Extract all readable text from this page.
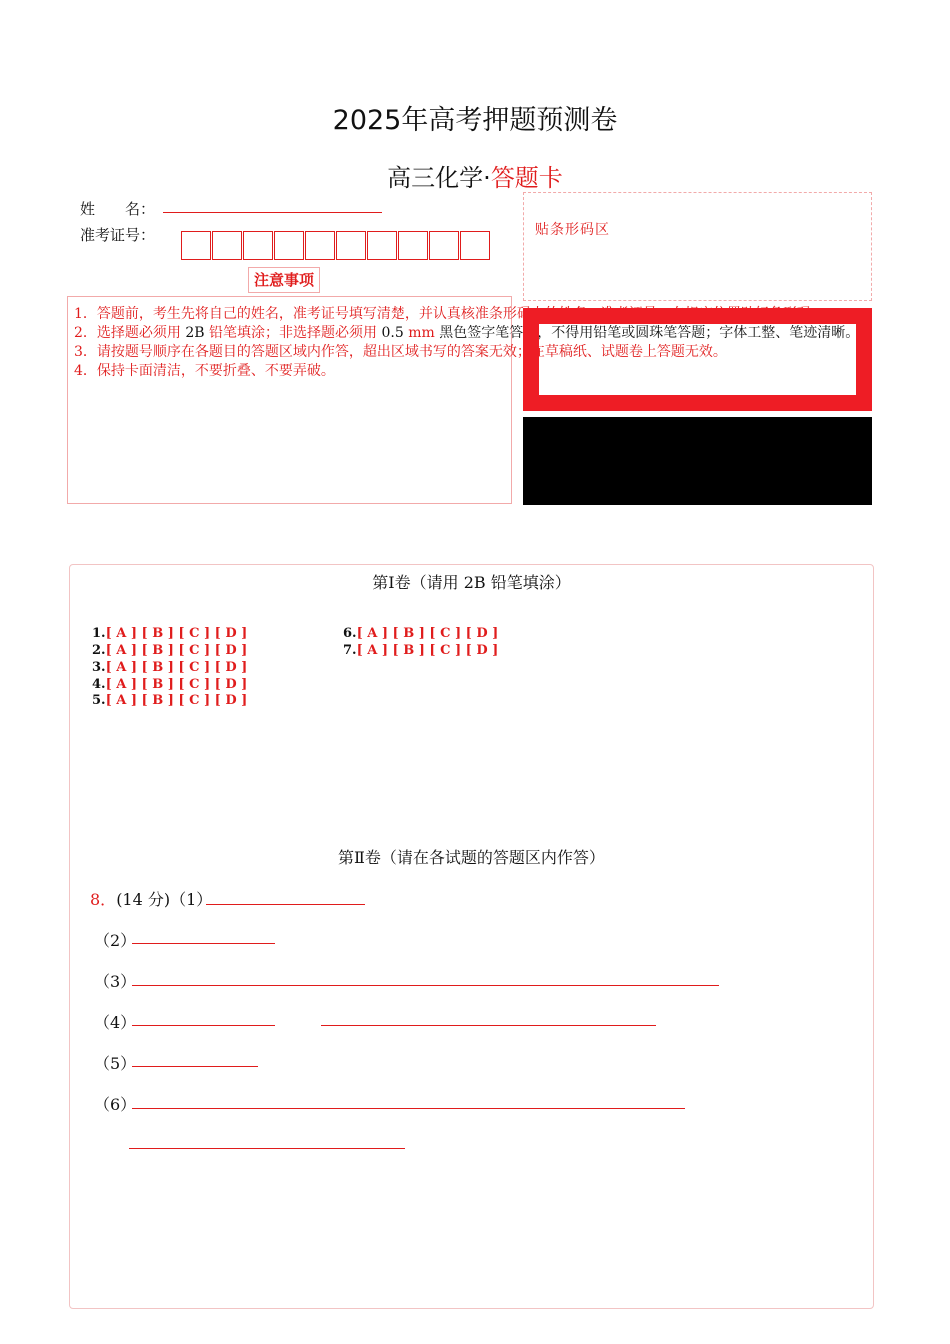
2025年高考押题预测卷
高三化学·答题卡
姓　　名：
准考证号：
注意事项
1．答题前，考生先将自己的姓名，准考证号填写清楚，并认真核准条形码上的姓名、准考证号，在规定位置贴好条形码。
2．选择题必须用 2B 铅笔填涂；非选择题必须用 0.5 mm 黑色签字笔答题，不得用铅笔或圆珠笔答题；字体工整、笔迹清晰。
3．请按题号顺序在各题目的答题区域内作答，超出区域书写的答案无效；在草稿纸、试题卷上答题无效。
4．保持卡面清洁，不要折叠、不要弄破。
贴条形码区
第Ⅰ卷（请用 2B 铅笔填涂）
1.[ A ] [ B ] [ C ] [ D ]
2.[ A ] [ B ] [ C ] [ D ]
3.[ A ] [ B ] [ C ] [ D ]
4.[ A ] [ B ] [ C ] [ D ]
5.[ A ] [ B ] [ C ] [ D ]
6.[ A ] [ B ] [ C ] [ D ]
7.[ A ] [ B ] [ C ] [ D ]
第Ⅱ卷（请在各试题的答题区内作答）
8．(14 分)（1）
（2）
（3）
（4）
（5）
（6）
